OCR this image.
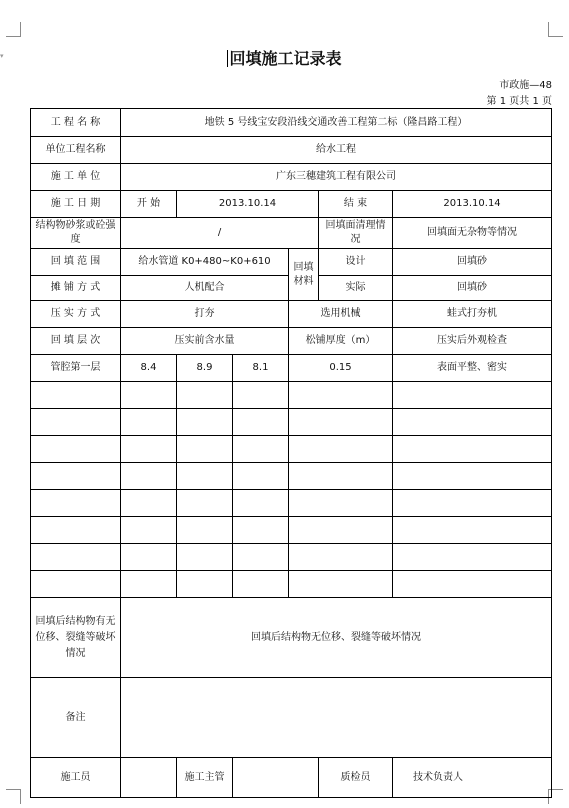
▾	回填施工记录表
市政施—48
第 1 页共 1 页
工 程 名 称	地铁 5 号线宝安段沿线交通改善工程第二标（隆昌路工程）					
单位工程名称	给水工程					
施 工 单 位	广东三穗建筑工程有限公司					
施 工 日 期	开 始	2013.10.14			结 束	2013.10.14
结构物砂浆或砼强度	/				回填面清理情况	回填面无杂物等情况
回 填 范 围	给水管道 K0+480~K0+610			回填材料	设计	回填砂
摊 铺 方 式	人机配合				实际	回填砂
压 实 方 式	打夯			选用机械		蛙式打夯机
回 填 层 次	压实前含水量			松铺厚度（m）		压实后外观检查
管腔第一层	8.4	8.9	8.1	0.15		表面平整、密实

回填后结构物有无位移、裂缝等破坏情况	回填后结构物无位移、裂缝等破坏情况					
备注						
施工员		施工主管			质检员	技术负责人
